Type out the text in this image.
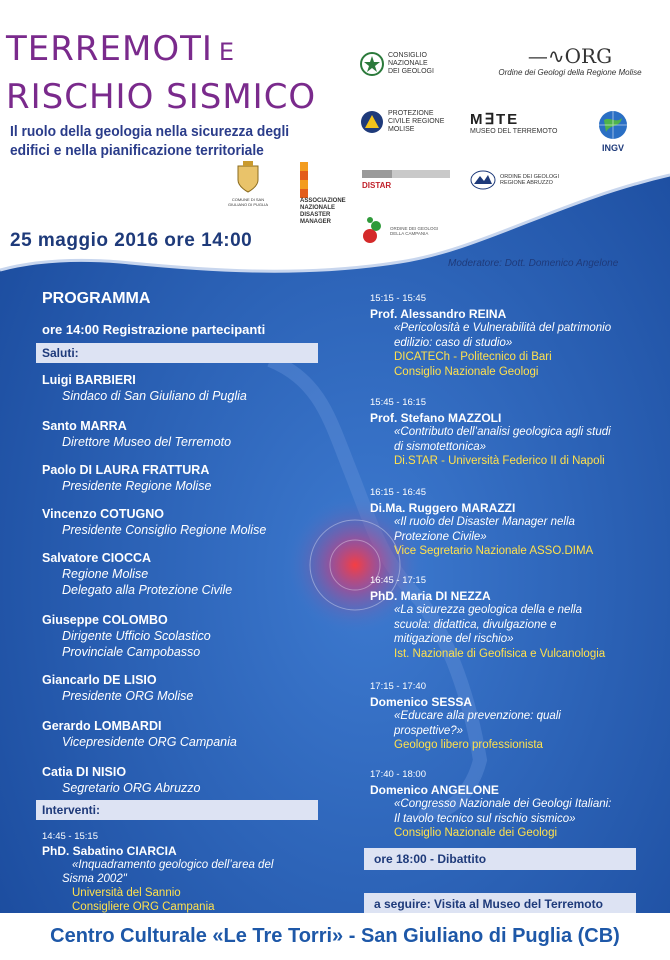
TERREMOTI E
RISCHIO SISMICO
Il ruolo della geologia nella sicurezza degli edifici e nella pianificazione territoriale
25 maggio 2016 ore 14:00
COMUNE DI SAN GIULIANO DI PUGLIA
ASSOCIAZIONE NAZIONALE DISASTER MANAGER
CONSIGLIO NAZIONALE DEI GEOLOGI
—∿ORG
Ordine dei Geologi della Regione Molise
PROTEZIONE CIVILE REGIONE MOLISE
M∃TE
MUSEO DEL TERREMOTO
INGV
DISTAR
ORDINE DEI GEOLOGI REGIONE ABRUZZO
ORDINE DEI GEOLOGI DELLA CAMPANIA
Moderatore: Dott. Domenico Angelone
PROGRAMMA
ore 14:00 Registrazione partecipanti
Saluti:
Luigi BARBIERI
Sindaco di San Giuliano di Puglia
Santo MARRA
Direttore Museo del Terremoto
Paolo DI LAURA FRATTURA
Presidente Regione Molise
Vincenzo COTUGNO
Presidente Consiglio Regione Molise
Salvatore CIOCCA
Regione Molise
Delegato alla Protezione Civile
Giuseppe COLOMBO
Dirigente Ufficio Scolastico
Provinciale Campobasso
Giancarlo DE LISIO
Presidente ORG Molise
Gerardo LOMBARDI
Vicepresidente ORG Campania
Catia DI NISIO
Segretario ORG Abruzzo
Interventi:
14:45 - 15:15
PhD. Sabatino CIARCIA
«Inquadramento geologico dell’area del
Sisma 2002"
Università del Sannio
Consigliere ORG Campania
15:15 - 15:45
Prof. Alessandro REINA
«Pericolosità e Vulnerabilità del patrimonio
edilizio: caso di studio»
DICATECh - Politecnico di Bari
Consiglio Nazionale Geologi
15:45 - 16:15
Prof. Stefano MAZZOLI
«Contributo dell’analisi geologica agli studi
di sismotettonica»
Di.STAR - Università Federico II di Napoli
16:15 - 16:45
Di.Ma. Ruggero MARAZZI
«Il ruolo del Disaster Manager nella
Protezione Civile»
Vice Segretario Nazionale ASSO.DIMA
16:45 - 17:15
PhD. Maria DI NEZZA
«La sicurezza geologica della e nella
scuola: didattica, divulgazione e
mitigazione del rischio»
Ist. Nazionale di Geofisica e Vulcanologia
17:15 - 17:40
Domenico SESSA
«Educare alla prevenzione: quali
prospettive?»
Geologo libero professionista
17:40 - 18:00
Domenico ANGELONE
«Congresso Nazionale dei Geologi Italiani:
Il tavolo tecnico sul rischio sismico»
Consiglio Nazionale dei Geologi
ore 18:00 - Dibattito
a seguire: Visita al Museo del Terremoto
Centro Culturale «Le Tre Torri» - San Giuliano di Puglia (CB)
